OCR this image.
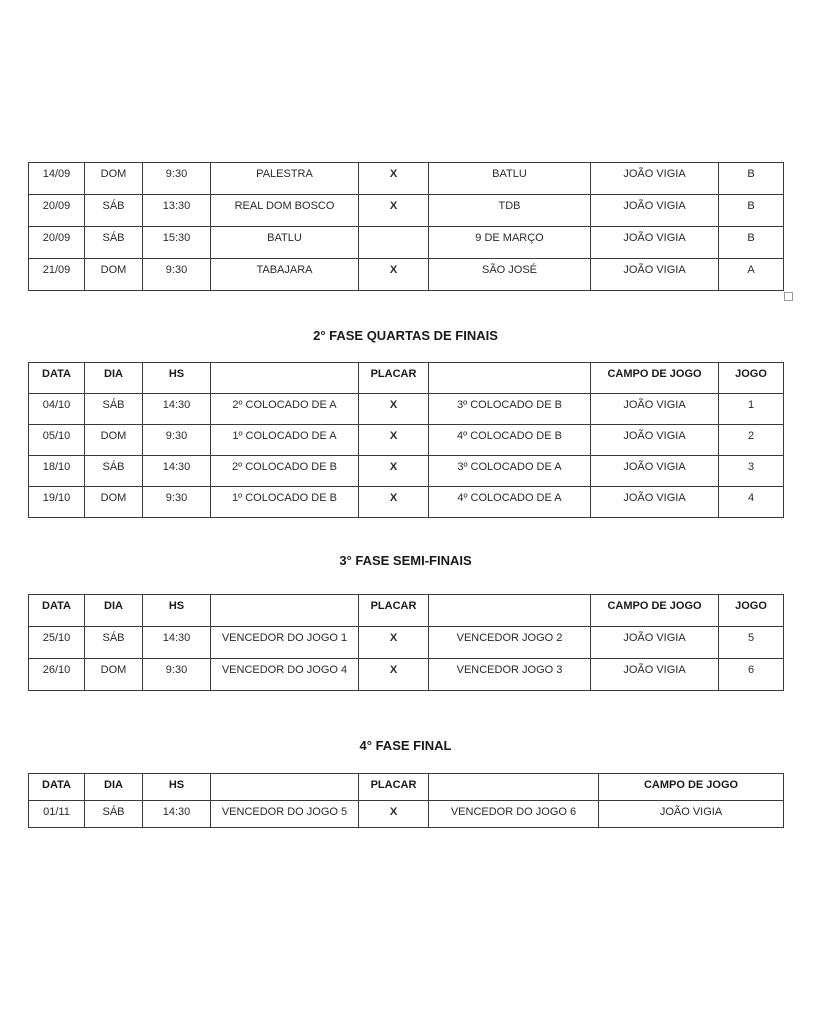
14/09	DOM	9:30	PALESTRA	X	BATLU	JOÃO VIGIA	B
20/09	SÁB	13:30	REAL DOM BOSCO	X	TDB	JOÃO VIGIA	B
20/09	SÁB	15:30	BATLU		9 DE MARÇO	JOÃO VIGIA	B
21/09	DOM	9:30	TABAJARA	X	SÃO JOSÉ	JOÃO VIGIA	A
2° FASE QUARTAS DE FINAIS
DATA	DIA	HS		PLACAR		CAMPO DE JOGO	JOGO
04/10	SÁB	14:30	2º COLOCADO DE A	X	3º COLOCADO DE B	JOÃO VIGIA	1
05/10	DOM	9:30	1º COLOCADO DE A	X	4º COLOCADO DE B	JOÃO VIGIA	2
18/10	SÁB	14:30	2º COLOCADO DE B	X	3º COLOCADO DE A	JOÃO VIGIA	3
19/10	DOM	9:30	1º COLOCADO DE B	X	4º COLOCADO DE A	JOÃO VIGIA	4
3° FASE SEMI-FINAIS
DATA	DIA	HS		PLACAR		CAMPO DE JOGO	JOGO
25/10	SÁB	14:30	VENCEDOR DO JOGO 1	X	VENCEDOR JOGO 2	JOÃO VIGIA	5
26/10	DOM	9:30	VENCEDOR DO JOGO 4	X	VENCEDOR JOGO 3	JOÃO VIGIA	6
4° FASE FINAL
DATA	DIA	HS		PLACAR		CAMPO DE JOGO
01/11	SÁB	14:30	VENCEDOR DO JOGO 5	X	VENCEDOR DO JOGO 6	JOÃO VIGIA
